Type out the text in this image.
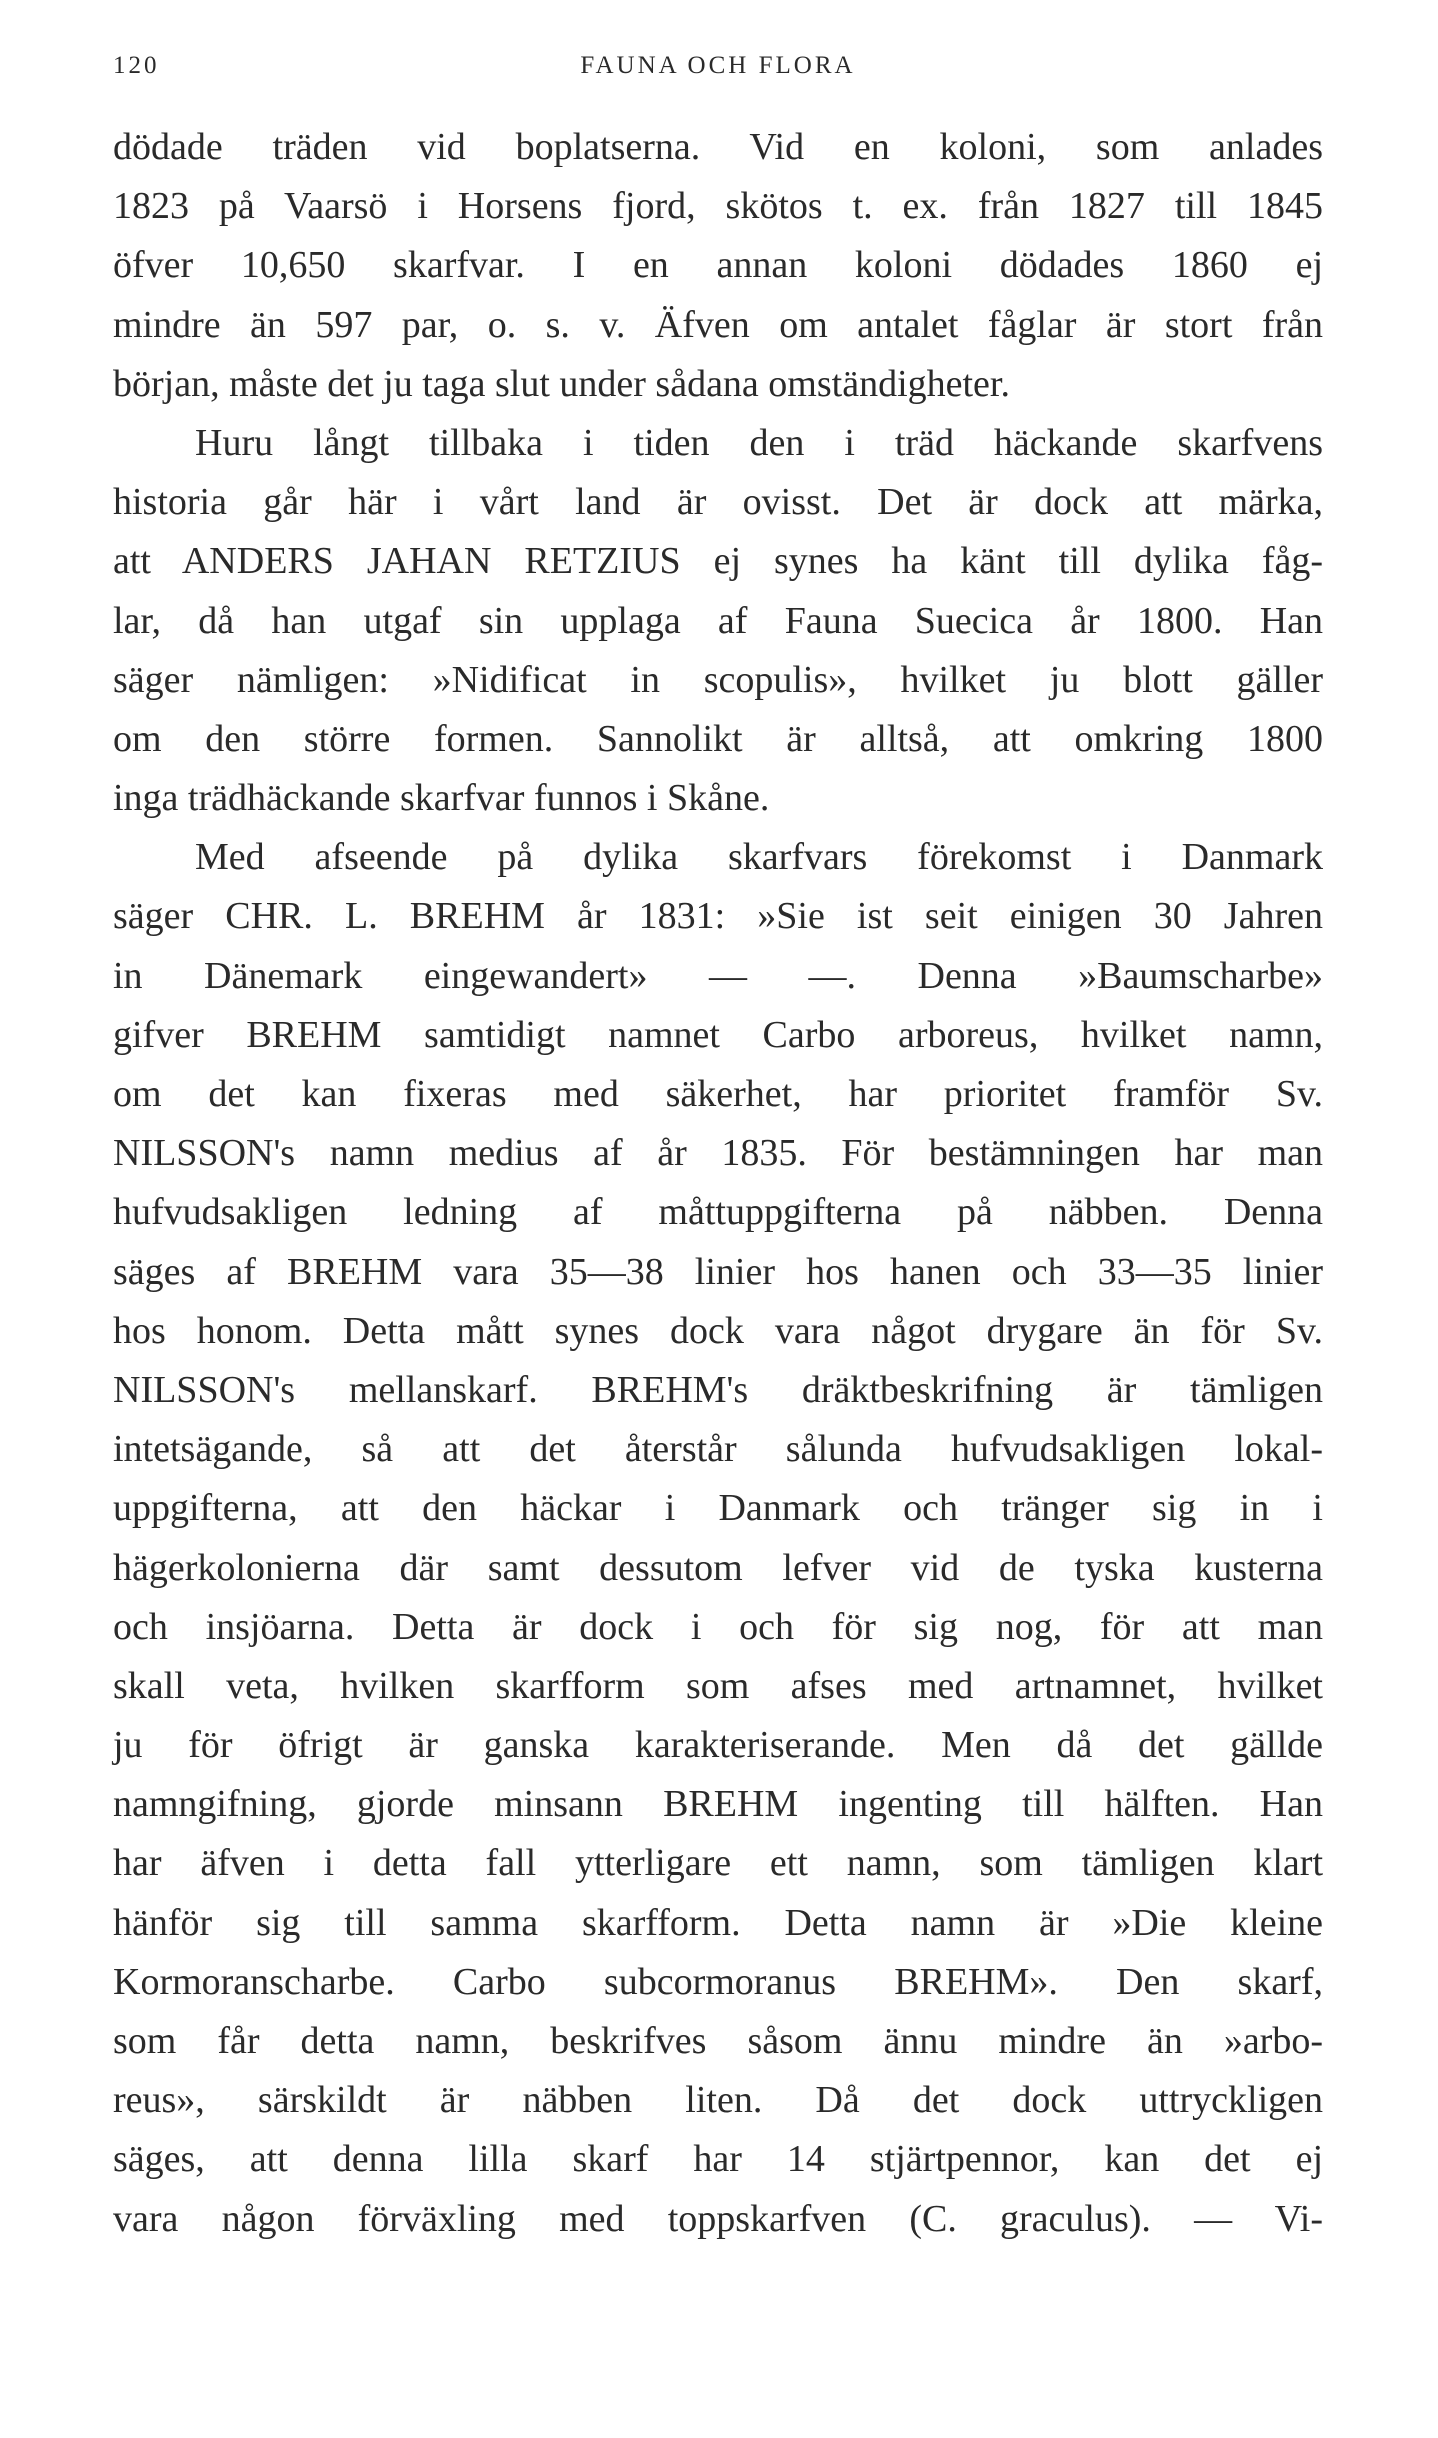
120	FAUNA OCH FLORA
dödade träden vid boplatserna. Vid en koloni, som anlades
1823 på Vaarsö i Horsens fjord, skötos t. ex. från 1827 till 1845
öfver 10,650 skarfvar. I en annan koloni dödades 1860 ej
mindre än 597 par, o. s. v. Äfven om antalet fåglar är stort från
början, måste det ju taga slut under sådana omständigheter.
Huru långt tillbaka i tiden den i träd häckande skarfvens
historia går här i vårt land är ovisst. Det är dock att märka,
att ANDERS JAHAN RETZIUS ej synes ha känt till dylika fåg-
lar, då han utgaf sin upplaga af Fauna Suecica år 1800. Han
säger nämligen: »Nidificat in scopulis», hvilket ju blott gäller
om den större formen. Sannolikt är alltså, att omkring 1800
inga trädhäckande skarfvar funnos i Skåne.
Med afseende på dylika skarfvars förekomst i Danmark
säger CHR. L. BREHM år 1831: »Sie ist seit einigen 30 Jahren
in Dänemark eingewandert» — —. Denna »Baumscharbe»
gifver BREHM samtidigt namnet Carbo arboreus, hvilket namn,
om det kan fixeras med säkerhet, har prioritet framför Sv.
NILSSON's namn medius af år 1835. För bestämningen har man
hufvudsakligen ledning af måttuppgifterna på näbben. Denna
säges af BREHM vara 35—38 linier hos hanen och 33—35 linier
hos honom. Detta mått synes dock vara något drygare än för Sv.
NILSSON's mellanskarf. BREHM's dräktbeskrifning är tämligen
intetsägande, så att det återstår sålunda hufvudsakligen lokal-
uppgifterna, att den häckar i Danmark och tränger sig in i
hägerkolonierna där samt dessutom lefver vid de tyska kusterna
och insjöarna. Detta är dock i och för sig nog, för att man
skall veta, hvilken skarfform som afses med artnamnet, hvilket
ju för öfrigt är ganska karakteriserande. Men då det gällde
namngifning, gjorde minsann BREHM ingenting till hälften. Han
har äfven i detta fall ytterligare ett namn, som tämligen klart
hänför sig till samma skarfform. Detta namn är »Die kleine
Kormoranscharbe. Carbo subcormoranus BREHM». Den skarf,
som får detta namn, beskrifves såsom ännu mindre än »arbo-
reus», särskildt är näbben liten. Då det dock uttryckligen
säges, att denna lilla skarf har 14 stjärtpennor, kan det ej
vara någon förväxling med toppskarfven (C. graculus). — Vi-
